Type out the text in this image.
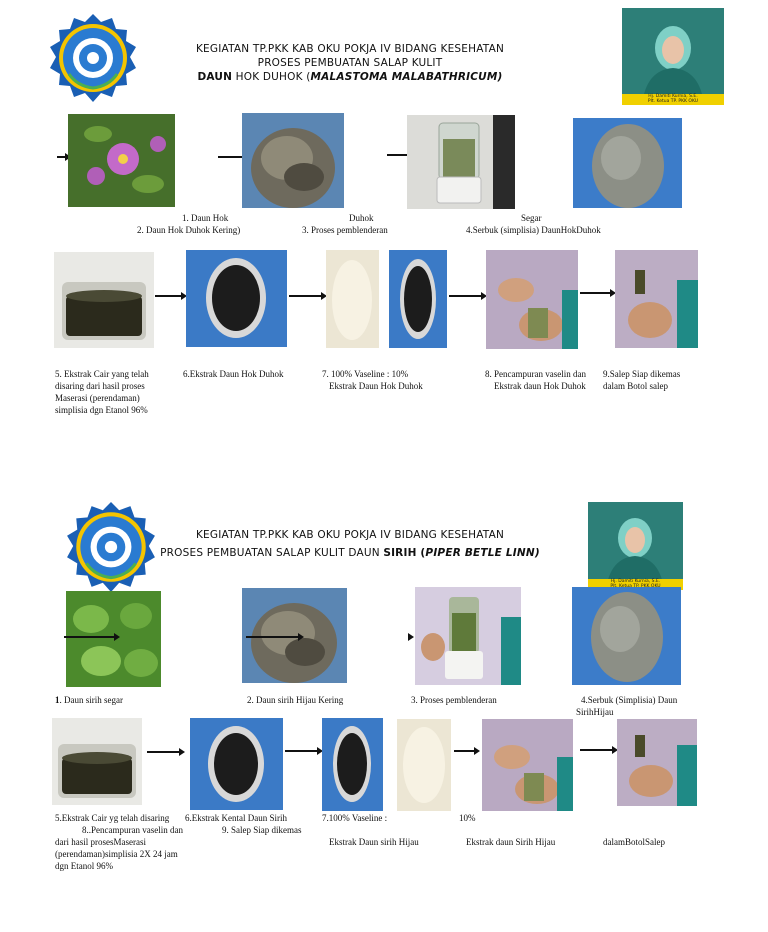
KEGIATAN TP.PKK KAB OKU POKJA IV BIDANG KESEHATAN
PROSES PEMBUATAN SALAP KULIT
DAUN HOK DUHOK (MALASTOMA MALABATHRICUM)
Hj. Damiti Kurnia, S.E.
Plt. Ketua TP. PKK OKU
1. Daun Hok	Duhok	Segar
2. Daun Hok Duhok Kering)	3. Proses pemblenderan	4.Serbuk (simplisia) DaunHokDuhok
5. Ekstrak Cair yang telah
disaring dari hasil proses
Maserasi (perendaman)
simplisia dgn Etanol 96%
6.Ekstrak Daun Hok Duhok	7. 100% Vaseline : 10%
Ekstrak Daun Hok Duhok
8. Pencampuran vaselin dan
Ekstrak daun Hok Duhok
9.Salep Siap dikemas
dalam Botol salep
KEGIATAN TP.PKK KAB OKU POKJA IV BIDANG KESEHATAN
PROSES PEMBUATAN SALAP KULIT DAUN SIRIH (PIPER BETLE LINN)
Hj. Damiti Kurnia, S.E.
1. Daun sirih segar	2. Daun sirih Hijau Kering	3. Proses pemblenderan	4.Serbuk (Simplisia) Daun
SirihHijau
5.Ekstrak Cair yg telah disaring 6.Ekstrak Kental Daun Sirih	7.100% Vaseline :	10%
8..Pencampuran vaselin dan	9. Salep Siap dikemas
dari hasil prosesMaserasi	Ekstrak Daun sirih Hijau	Ekstrak daun Sirih Hijau	dalamBotolSalep
(perendaman)simplisia 2X 24 jam
dgn Etanol 96%
